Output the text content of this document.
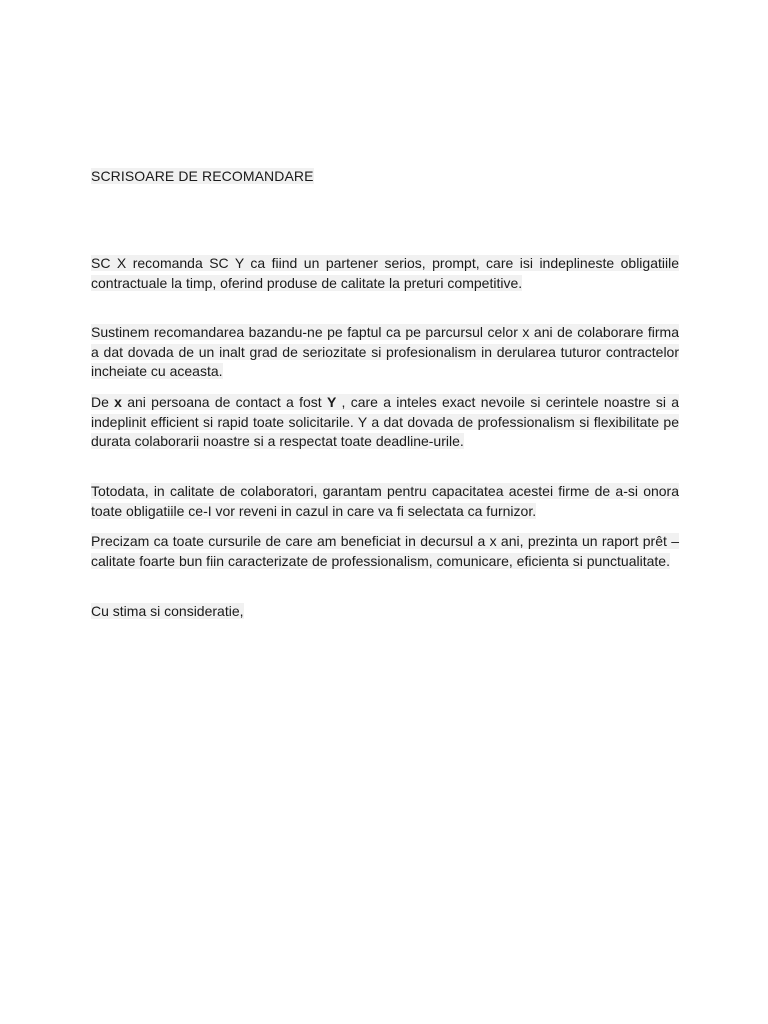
SCRISOARE DE RECOMANDARE
SC X recomanda SC Y ca fiind un partener serios, prompt, care isi indeplineste obligatiile contractuale la timp, oferind produse de calitate la preturi competitive.
Sustinem recomandarea bazandu-ne pe faptul ca pe parcursul celor x ani de colaborare firma a dat dovada de un inalt grad de seriozitate si profesionalism in derularea tuturor contractelor incheiate cu aceasta.
De x ani persoana de contact a fost Y , care a inteles exact nevoile si cerintele noastre si a indeplinit efficient si rapid toate solicitarile. Y a dat dovada de professionalism si flexibilitate pe durata colaborarii noastre si a respectat toate deadline-urile.
Totodata, in calitate de colaboratori, garantam pentru capacitatea acestei firme de a-si onora toate obligatiile ce-I vor reveni in cazul in care va fi selectata ca furnizor.
Precizam ca toate cursurile de care am beneficiat in decursul a x ani, prezinta un raport prêt – calitate foarte bun fiin caracterizate de professionalism, comunicare, eficienta si punctualitate.
Cu stima si consideratie,
